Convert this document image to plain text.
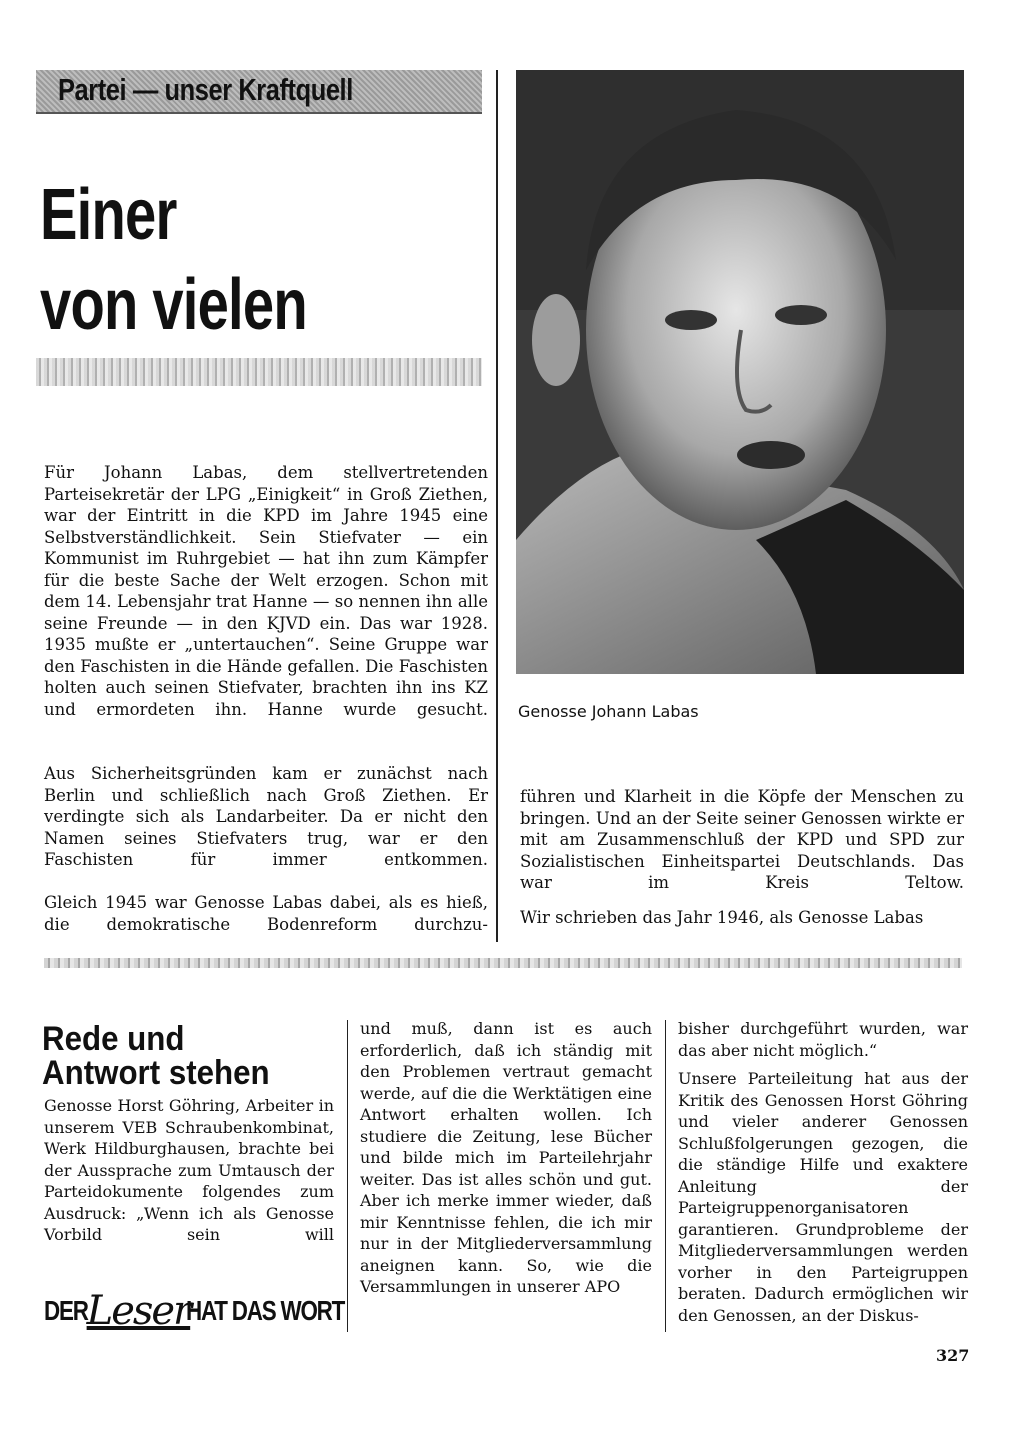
Partei — unser Kraftquell
Einer
von vielen

Für Johann Labas, dem stellvertretenden Parteisekretär der LPG „Einigkeit“ in Groß Ziethen, war der Eintritt in die KPD im Jahre 1945 eine Selbstverständlichkeit. Sein Stiefvater — ein Kommunist im Ruhrgebiet — hat ihn zum Kämpfer für die beste Sache der Welt erzogen. Schon mit dem 14. Lebensjahr trat Hanne — so nennen ihn alle seine Freunde — in den KJVD ein. Das war 1928. 1935 mußte er „untertauchen“. Seine Gruppe war den Faschisten in die Hände gefallen. Die Faschisten holten auch seinen Stiefvater, brachten ihn ins KZ und ermordeten ihn. Hanne wurde gesucht.

Aus Sicherheitsgründen kam er zunächst nach Berlin und schließlich nach Groß Ziethen. Er verdingte sich als Landarbeiter. Da er nicht den Namen seines Stiefvaters trug, war er den Faschisten für immer entkommen.

Gleich 1945 war Genosse Labas dabei, als es hieß, die demokratische Bodenreform durchzu-

Genosse Johann Labas

führen und Klarheit in die Köpfe der Menschen zu bringen. Und an der Seite seiner Genossen wirkte er mit am Zusammenschluß der KPD und SPD zur Sozialistischen Einheitspartei Deutschlands. Das war im Kreis Teltow.

Wir schrieben das Jahr 1946, als Genosse Labas

Rede und
Antwort stehen

Genosse Horst Göhring, Arbeiter in unserem VEB Schraubenkombinat, Werk Hildburghausen, brachte bei der Aussprache zum Umtausch der Parteidokumente folgendes zum Ausdruck: „Wenn ich als Genosse Vorbild sein will

und muß, dann ist es auch erforderlich, daß ich ständig mit den Problemen vertraut gemacht werde, auf die die Werktätigen eine Antwort erhalten wollen. Ich studiere die Zeitung, lese Bücher und bilde mich im Parteilehrjahr weiter. Das ist alles schön und gut. Aber ich merke immer wieder, daß mir Kenntnisse fehlen, die ich mir nur in der Mitgliederversammlung aneignen kann. So, wie die Versammlungen in unserer APO

bisher durchgeführt wurden, war das aber nicht möglich.“

Unsere Parteileitung hat aus der Kritik des Genossen Horst Göhring und vieler anderer Genossen Schlußfolgerungen gezogen, die die ständige Hilfe und exaktere Anleitung der Parteigruppenorganisatoren garantieren. Grundprobleme der Mitgliederversammlungen werden vorher in den Parteigruppen beraten. Dadurch ermöglichen wir den Genossen, an der Diskus-

DER
Leser
HAT DAS WORT
327
